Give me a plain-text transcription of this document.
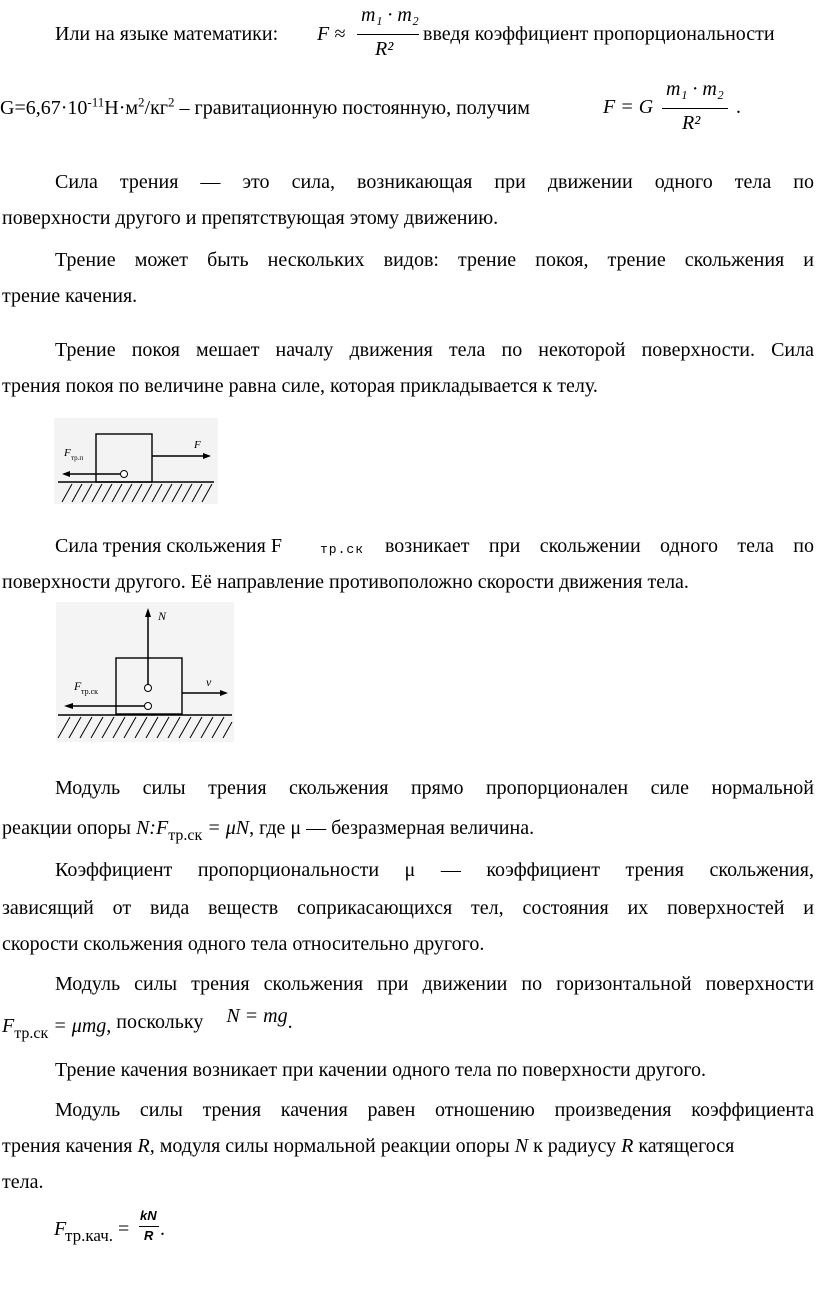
Или на языке математики: F ≈	введя коэффициент пропорциональности
m₁ · m₂
R²
$G=6,67\cdot 10^{-11}Н\cdot м^2/кг^2$ – гравитационную постоянную, получим	F = G
m₁ · m₂
R²
.
Сила трения — это сила, возникающая при движении одного тела по
поверхности другого и препятствующая этому движению.
Трение может быть нескольких видов: трение покоя, трение скольжения и
трение качения.
Трение покоя мешает началу движения тела по некоторой поверхности. Сила
трения покоя по величине равна силе, которая прикладывается к телу.
F тр.п
F
Сила трения скольжения F	тр.ск возникает при скольжении одного тела по
поверхности другого. Её направление противоположно скорости движения тела.
N
F тр.ск
v
Модуль силы трения скольжения прямо пропорционален силе нормальной
реакции опоры $N:F_{тр.ск} = \mu N$, где μ — безразмерная величина.
Коэффициент пропорциональности μ — коэффициент трения скольжения,
зависящий от вида веществ соприкасающихся тел, состояния их поверхностей и
скорости скольжения одного тела относительно другого.
Модуль силы трения скольжения при движении по горизонтальной поверхности
$F_{тр.ск} = \mu mg$, поскольку N = mg.
Трение качения возникает при качении одного тела по поверхности другого.
Модуль силы трения качения равен отношению произведения коэффициента
трения качения R, модуля силы нормальной реакции опоры N к радиусу R катящегося
тела.
F
тр.кач. =
kN
R .
